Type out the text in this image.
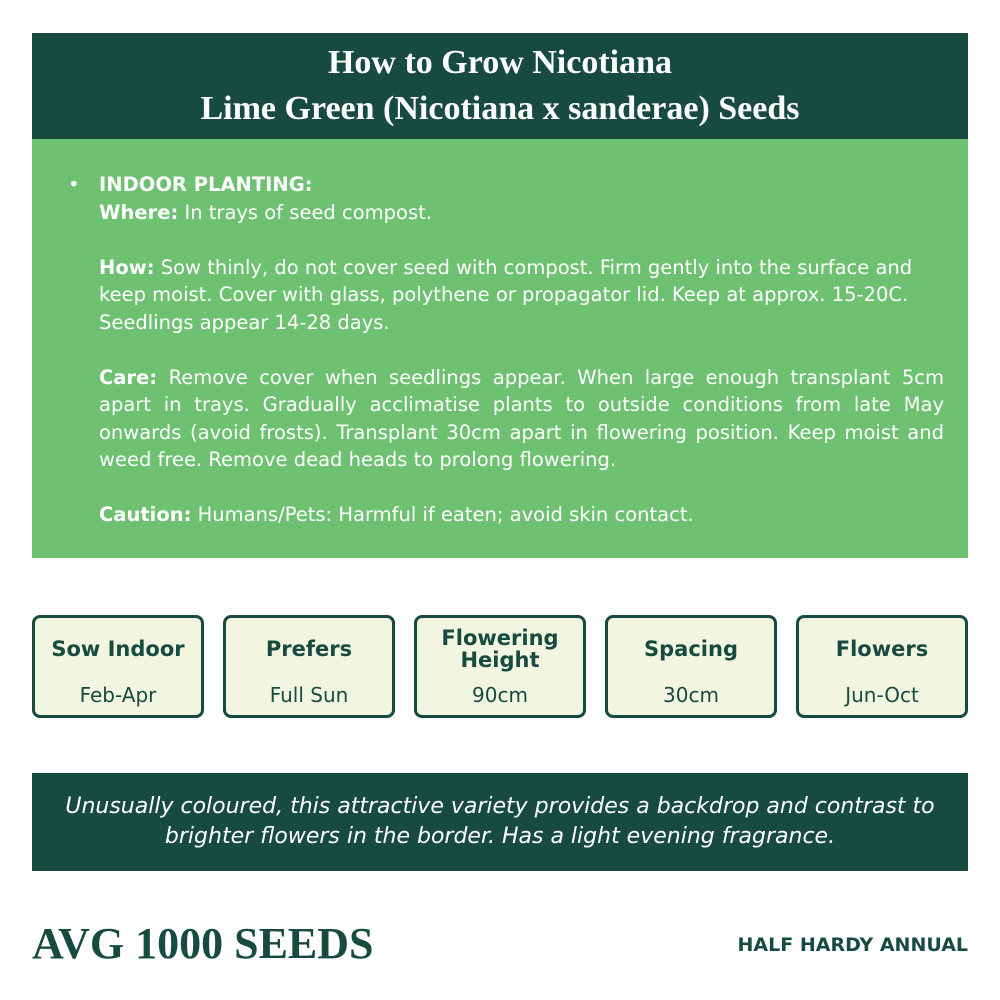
How to Grow Nicotiana
Lime Green (Nicotiana x sanderae) Seeds
• INDOOR PLANTING:

Where: In trays of seed compost.

How: Sow thinly, do not cover seed with compost. Firm gently into the surface and keep moist. Cover with glass, polythene or propagator lid. Keep at approx. 15-20C. Seedlings appear 14-28 days.

Care: Remove cover when seedlings appear. When large enough transplant 5cm apart in trays. Gradually acclimatise plants to outside conditions from late May onwards (avoid frosts). Transplant 30cm apart in flowering position. Keep moist and weed free. Remove dead heads to prolong flowering.

Caution: Humans/Pets: Harmful if eaten; avoid skin contact.

Sow Indoor
Feb-Apr
Prefers
Full Sun
Flowering Height
90cm
Spacing
30cm
Flowers
Jun-Oct
Unusually coloured, this attractive variety provides a backdrop and contrast to brighter flowers in the border. Has a light evening fragrance.
AVG 1000 SEEDS	HALF HARDY ANNUAL
